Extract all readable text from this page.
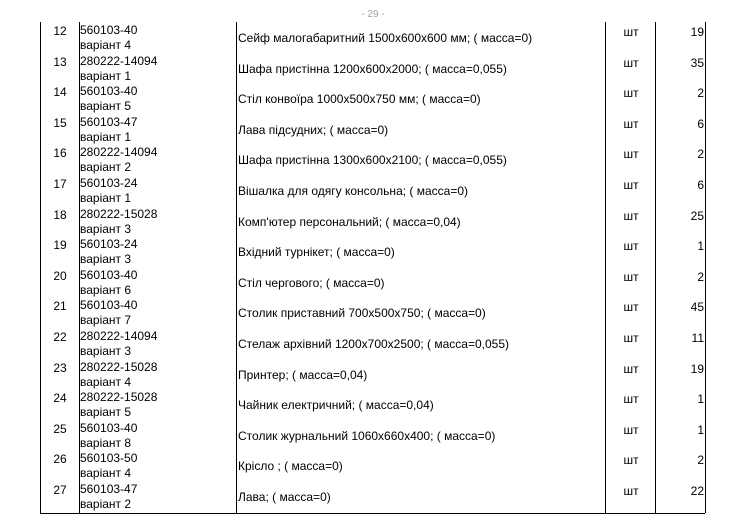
- 29 -
12	560103-40
варіант 4	Сейф малогабаритний 1500x600x600 мм; ( масса=0)	шт	19
13	280222-14094
варіант 1	Шафа пристінна 1200x600x2000; ( масса=0,055)	шт	35
14	560103-40
варіант 5	Стіл конвоїра 1000x500x750 мм; ( масса=0)	шт	2
15	560103-47
варіант 1	Лава підсудних; ( масса=0)	шт	6
16	280222-14094
варіант 2	Шафа пристінна 1300x600x2100; ( масса=0,055)	шт	2
17	560103-24
варіант 1	Вішалка для одягу консольна; ( масса=0)	шт	6
18	280222-15028
варіант 3	Комп'ютер персональний; ( масса=0,04)	шт	25
19	560103-24
варіант 3	Вхідний турнікет; ( масса=0)	шт	1
20	560103-40
варіант 6	Стіл чергового; ( масса=0)	шт	2
21	560103-40
варіант 7	Столик приставний 700x500x750; ( масса=0)	шт	45
22	280222-14094
варіант 3	Стелаж архівний 1200x700x2500; ( масса=0,055)	шт	11
23	280222-15028
варіант 4	Принтер; ( масса=0,04)	шт	19
24	280222-15028
варіант 5	Чайник електричний; ( масса=0,04)	шт	1
25	560103-40
варіант 8	Столик журнальний 1060x660x400; ( масса=0)	шт	1
26	560103-50
варіант 4	Крісло ; ( масса=0)	шт	2
27	560103-47
варіант 2	Лава; ( масса=0)	шт	22
